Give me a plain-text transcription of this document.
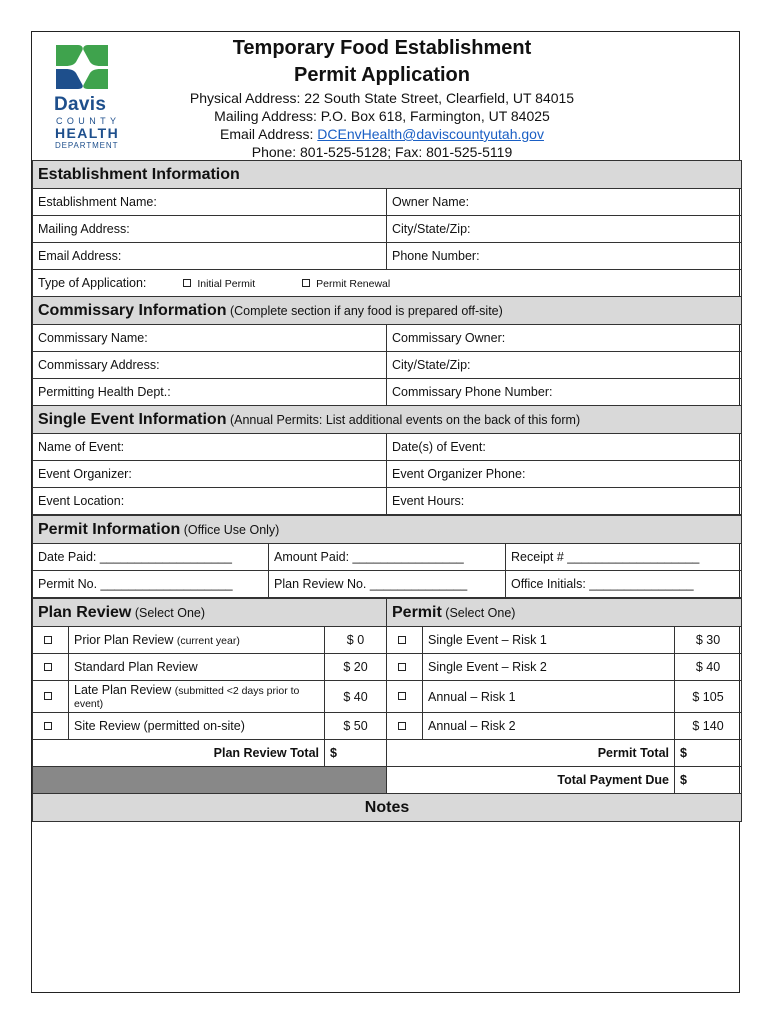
Davis
COUNTY
HEALTH
DEPARTMENT
Temporary Food Establishment
Permit Application
Physical Address: 22 South State Street, Clearfield, UT 84015
Mailing Address: P.O. Box 618, Farmington, UT 84025
Email Address: DCEnvHealth@daviscountyutah.gov
Phone: 801-525-5128; Fax: 801-525-5119
Establishment Information	
Establishment Name:	Owner Name:
Mailing Address:	City/State/Zip:
Email Address:	Phone Number:
Type of Application: Initial Permit Permit Renewal	
Commissary Information (Complete section if any food is prepared off-site)	
Commissary Name:	Commissary Owner:
Commissary Address:	City/State/Zip:
Permitting Health Dept.:	Commissary Phone Number:
Single Event Information (Annual Permits: List additional events on the back of this form)	
Name of Event:	Date(s) of Event:
Event Organizer:	Event Organizer Phone:
Event Location:	Event Hours:
Permit Information (Office Use Only)		
Date Paid: ___________________	Amount Paid: ________________	Receipt # ___________________
Permit No. ___________________	Plan Review No. ______________	Office Initials: _______________
Plan Review (Select One)			Permit (Select One)		
	Prior Plan Review (current year)	$ 0		Single Event – Risk 1	$ 30
	Standard Plan Review	$ 20		Single Event – Risk 2	$ 40
	Late Plan Review (submitted <2 days prior to event)	$ 40		Annual – Risk 1	$ 105
	Site Review (permitted on-site)	$ 50		Annual – Risk 2	$ 140
Plan Review Total		$	Permit Total		$
			Total Payment Due		$
Notes					
